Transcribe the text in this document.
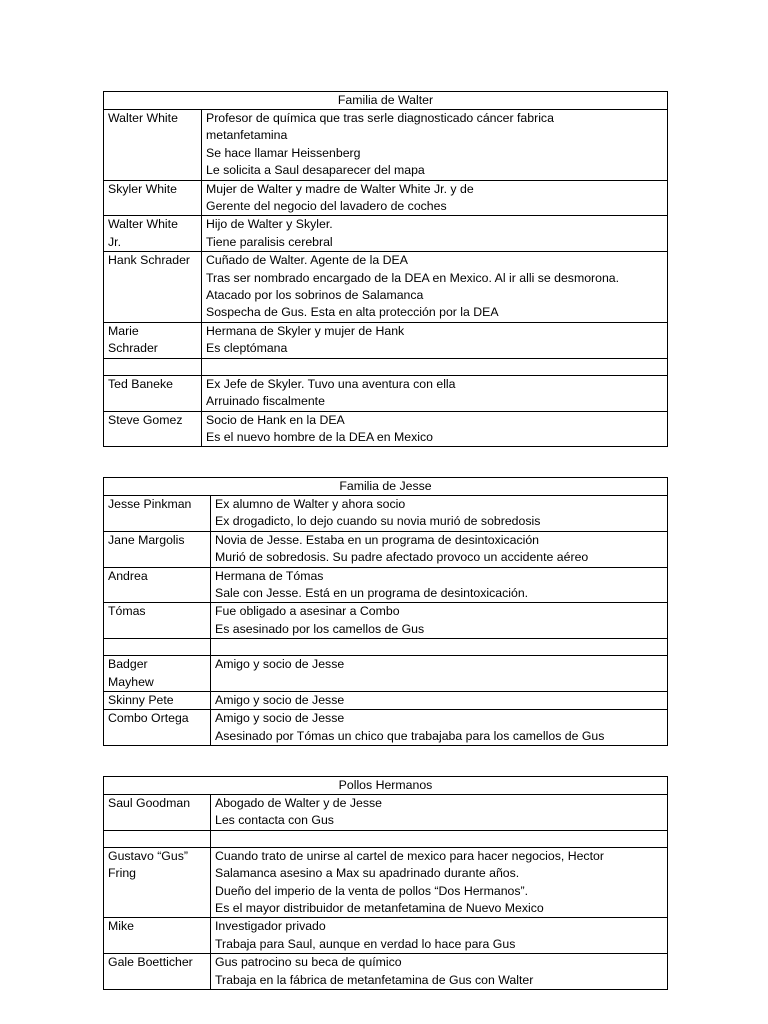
Familia de Walter	

Walter White	Profesor de química que tras serle diagnosticado cáncer fabrica
metanfetamina
Se hace llamar Heissenberg
Le solicita a Saul desaparecer del mapa

Skyler White	Mujer de Walter y madre de Walter White Jr. y de
Gerente del negocio del lavadero de coches

Walter White
Jr.	Hijo de Walter y Skyler.
Tiene paralisis cerebral

Hank Schrader	Cuñado de Walter. Agente de la DEA
Tras ser nombrado encargado de la DEA en Mexico. Al ir alli se desmorona.
Atacado por los sobrinos de Salamanca
Sospecha de Gus. Esta en alta protección por la DEA

Marie
Schrader	Hermana de Skyler y mujer de Hank
Es cleptómana

Ted Baneke	Ex Jefe de Skyler. Tuvo una aventura con ella
Arruinado fiscalmente

Steve Gomez	Socio de Hank en la DEA
Es el nuevo hombre de la DEA en Mexico
Familia de Jesse	

Jesse Pinkman	Ex alumno de Walter y ahora socio
Ex drogadicto, lo dejo cuando su novia murió de sobredosis

Jane Margolis	Novia de Jesse. Estaba en un programa de desintoxicación
Murió de sobredosis. Su padre afectado provoco un accidente aéreo

Andrea	Hermana de Tómas
Sale con Jesse. Está en un programa de desintoxicación.

Tómas	Fue obligado a asesinar a Combo
Es asesinado por los camellos de Gus

Badger
Mayhew	Amigo y socio de Jesse

Skinny Pete	Amigo y socio de Jesse

Combo Ortega	Amigo y socio de Jesse
Asesinado por Tómas un chico que trabajaba para los camellos de Gus
Pollos Hermanos	

Saul Goodman	Abogado de Walter y de Jesse
Les contacta con Gus

Gustavo “Gus”
Fring	Cuando trato de unirse al cartel de mexico para hacer negocios, Hector
Salamanca asesino a Max su apadrinado durante años.
Dueño del imperio de la venta de pollos “Dos Hermanos”.
Es el mayor distribuidor de metanfetamina de Nuevo Mexico

Mike	Investigador privado
Trabaja para Saul, aunque en verdad lo hace para Gus

Gale Boetticher	Gus patrocino su beca de químico
Trabaja en la fábrica de metanfetamina de Gus con Walter
